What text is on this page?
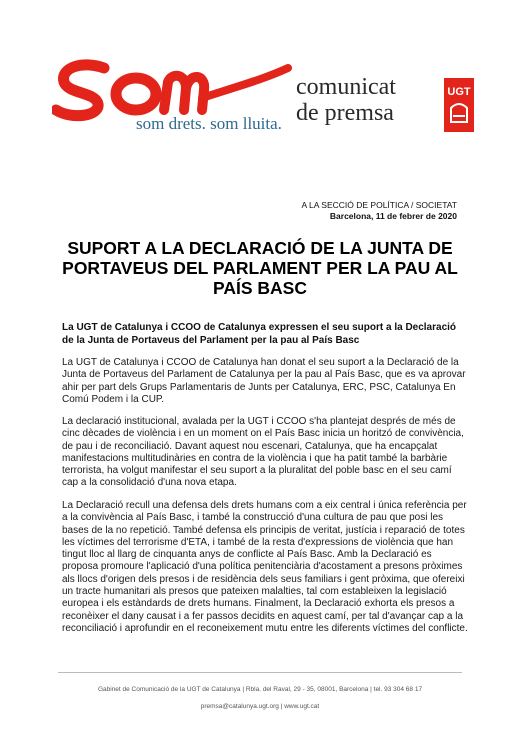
som drets. som lluita.
comunicat
de premsa
UGT
A LA SECCIÓ DE POLÍTICA / SOCIETAT
Barcelona, 11 de febrer de 2020
SUPORT A LA DECLARACIÓ DE LA JUNTA DE PORTAVEUS DEL PARLAMENT PER LA PAU AL PAÍS BASC
La UGT de Catalunya i CCOO de Catalunya expressen el seu suport a la Declaració de la Junta de Portaveus del Parlament per la pau al País Basc
La UGT de Catalunya i CCOO de Catalunya han donat el seu suport a la Declaració de la Junta de Portaveus del Parlament de Catalunya per la pau al País Basc, que es va aprovar ahir per part dels Grups Parlamentaris de Junts per Catalunya, ERC, PSC, Catalunya En Comú Podem i la CUP.
La declaració institucional, avalada per la UGT i CCOO s'ha plantejat després de més de cinc dècades de violència i en un moment on el País Basc inicia un horitzó de convivència, de pau i de reconciliació. Davant aquest nou escenari, Catalunya, que ha encapçalat manifestacions multitudinàries en contra de la violència i que ha patit també la barbàrie terrorista, ha volgut manifestar el seu suport a la pluralitat del poble basc en el seu camí cap a la consolidació d'una nova etapa.
La Declaració recull una defensa dels drets humans com a eix central i única referència per a la convivència al País Basc, i també la construcció d'una cultura de pau que posi les bases de la no repetició. També defensa els principis de veritat, justícia i reparació de totes les víctimes del terrorisme d'ETA, i també de la resta d'expressions de violència que han tingut lloc al llarg de cinquanta anys de conflicte al País Basc. Amb la Declaració es proposa promoure l'aplicació d'una política penitenciària d'acostament a presons pròximes als llocs d'origen dels presos i de residència dels seus familiars i gent pròxima, que ofereixi un tracte humanitari als presos que pateixen malalties, tal com estableixen la legislació europea i els estàndards de drets humans. Finalment, la Declaració exhorta els presos a reconèixer el dany causat i a fer passos decidits en aquest camí, per tal d'avançar cap a la reconciliació i aprofundir en el reconeixement mutu entre les diferents víctimes del conflicte.
Gabinet de Comunicació de la UGT de Catalunya | Rbla. del Raval, 29 - 35, 08001, Barcelona | tel. 93 304 68 17
premsa@catalunya.ugt.org | www.ugt.cat
